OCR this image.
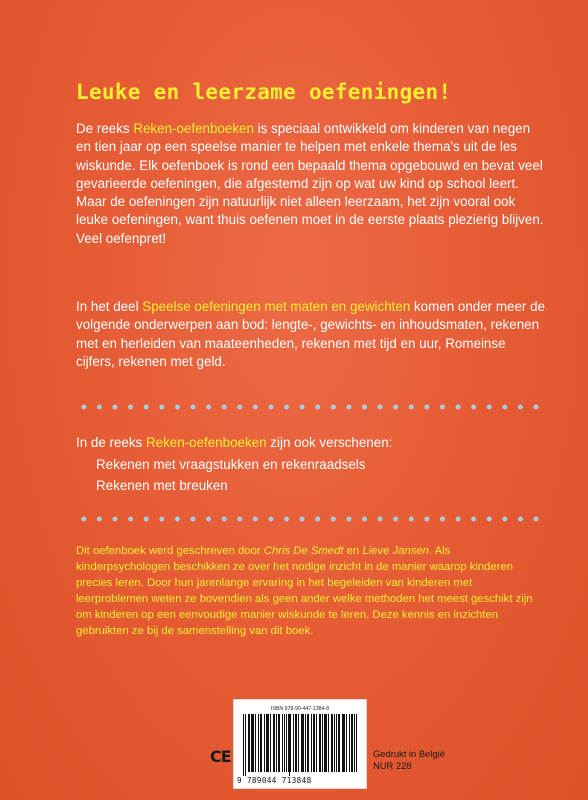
Leuke en leerzame oefeningen!
De reeks Reken-oefenboeken is speciaal ontwikkeld om kinderen van negen en tien jaar op een speelse manier te helpen met enkele thema's uit de les wiskunde. Elk oefenboek is rond een bepaald thema opgebouwd en bevat veel gevarieerde oefeningen, die afgestemd zijn op wat uw kind op school leert. Maar de oefeningen zijn natuurlijk niet alleen leerzaam, het zijn vooral ook leuke oefeningen, want thuis oefenen moet in de eerste plaats plezierig blijven.
Veel oefenpret!
In het deel Speelse oefeningen met maten en gewichten komen onder meer de volgende onderwerpen aan bod: lengte-, gewichts- en inhoudsmaten, rekenen met en herleiden van maateenheden, rekenen met tijd en uur, Romeinse cijfers, rekenen met geld.
In de reeks Reken-oefenboeken zijn ook verschenen:
Rekenen met vraagstukken en rekenraadsels
Rekenen met breuken
Dit oefenboek werd geschreven door Chris De Smedt en Lieve Jansen. Als kinderpsychologen beschikken ze over het nodige inzicht in de manier waarop kinderen precies leren. Door hun jarenlange ervaring in het begeleiden van kinderen met leerproblemen weten ze bovendien als geen ander welke methoden het meest geschikt zijn om kinderen op een eenvoudige manier wiskunde te leren. Deze kennis en inzichten gebruikten ze bij de samenstelling van dit boek.
CE
ISBN 978-90-447-1384-8
9 789044 713848
Gedrukt in België
NUR 228
